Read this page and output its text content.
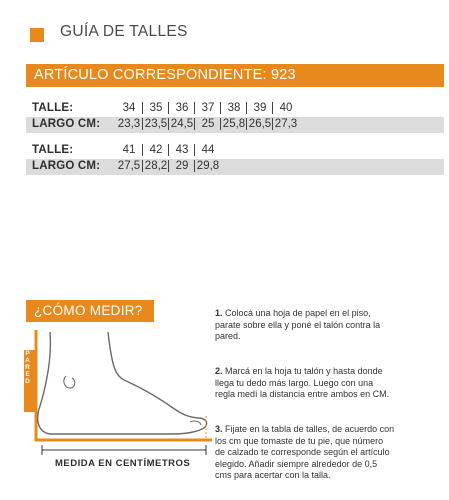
GUÍA DE TALLES
ARTÍCULO CORRESPONDIENTE: 923
TALLE:	34	35	36	37	38	39	40
LARGO CM: 23,3 23,5 24,5 25 25,8 26,5 27,3
TALLE:	41	42	43	44
LARGO CM: 27,5 28,2 29 29,8
¿CÓMO MEDIR?
PARED
MEDIDA EN CENTÍMETROS
1. Colocá una hoja de papel en el piso, parate sobre ella y poné el talón contra la pared.
2. Marcá en la hoja tu talón y hasta donde llega tu dedo más largo. Luego con una regla medí la distancia entre ambos en CM.
3. Fijate en la tabla de talles, de acuerdo con los cm que tomaste de tu pie, que número de calzado te corresponde según el artículo elegido. Añadir siempre alrededor de 0,5 cms para acertar con la talla.
